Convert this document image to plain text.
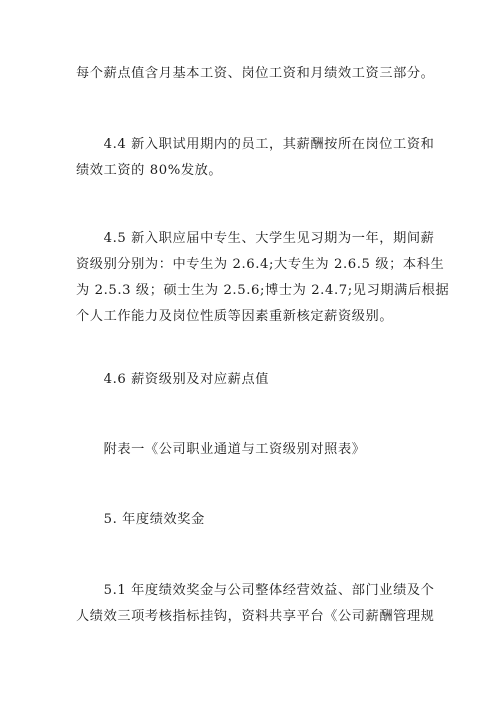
每个薪点值含月基本工资、岗位工资和月绩效工资三部分。

　　4.4 新入职试用期内的员工，其薪酬按所在岗位工资和
绩效工资的 80%发放。

　　4.5 新入职应届中专生、大学生见习期为一年，期间薪
资级别分别为：中专生为 2.6.4;大专生为 2.6.5 级；本科生
为 2.5.3 级；硕士生为 2.5.6;博士为 2.4.7;见习期满后根据
个人工作能力及岗位性质等因素重新核定薪资级别。

　　4.6 薪资级别及对应薪点值

　　附表一《公司职业通道与工资级别对照表》

　　5. 年度绩效奖金

　　5.1 年度绩效奖金与公司整体经营效益、部门业绩及个
人绩效三项考核指标挂钩，资料共享平台《公司薪酬管理规
